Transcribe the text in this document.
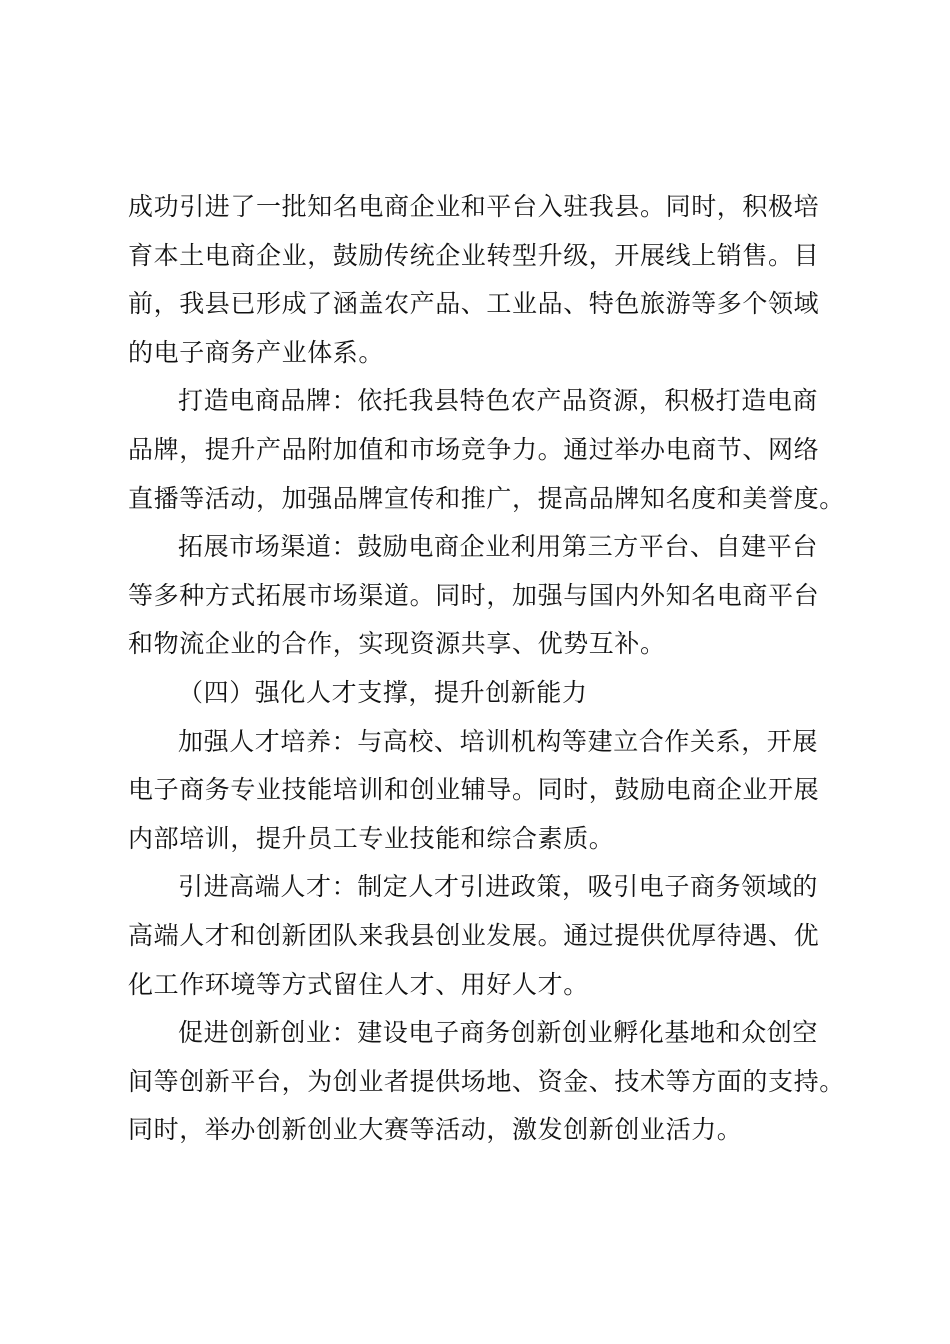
成功引进了一批知名电商企业和平台入驻我县。同时，积极培
育本土电商企业，鼓励传统企业转型升级，开展线上销售。目
前，我县已形成了涵盖农产品、工业品、特色旅游等多个领域
的电子商务产业体系。
打造电商品牌：依托我县特色农产品资源，积极打造电商
品牌，提升产品附加值和市场竞争力。通过举办电商节、网络
直播等活动，加强品牌宣传和推广，提高品牌知名度和美誉度。
拓展市场渠道：鼓励电商企业利用第三方平台、自建平台
等多种方式拓展市场渠道。同时，加强与国内外知名电商平台
和物流企业的合作，实现资源共享、优势互补。
（四）强化人才支撑，提升创新能力
加强人才培养：与高校、培训机构等建立合作关系，开展
电子商务专业技能培训和创业辅导。同时，鼓励电商企业开展
内部培训，提升员工专业技能和综合素质。
引进高端人才：制定人才引进政策，吸引电子商务领域的
高端人才和创新团队来我县创业发展。通过提供优厚待遇、优
化工作环境等方式留住人才、用好人才。
促进创新创业：建设电子商务创新创业孵化基地和众创空
间等创新平台，为创业者提供场地、资金、技术等方面的支持。
同时，举办创新创业大赛等活动，激发创新创业活力。
